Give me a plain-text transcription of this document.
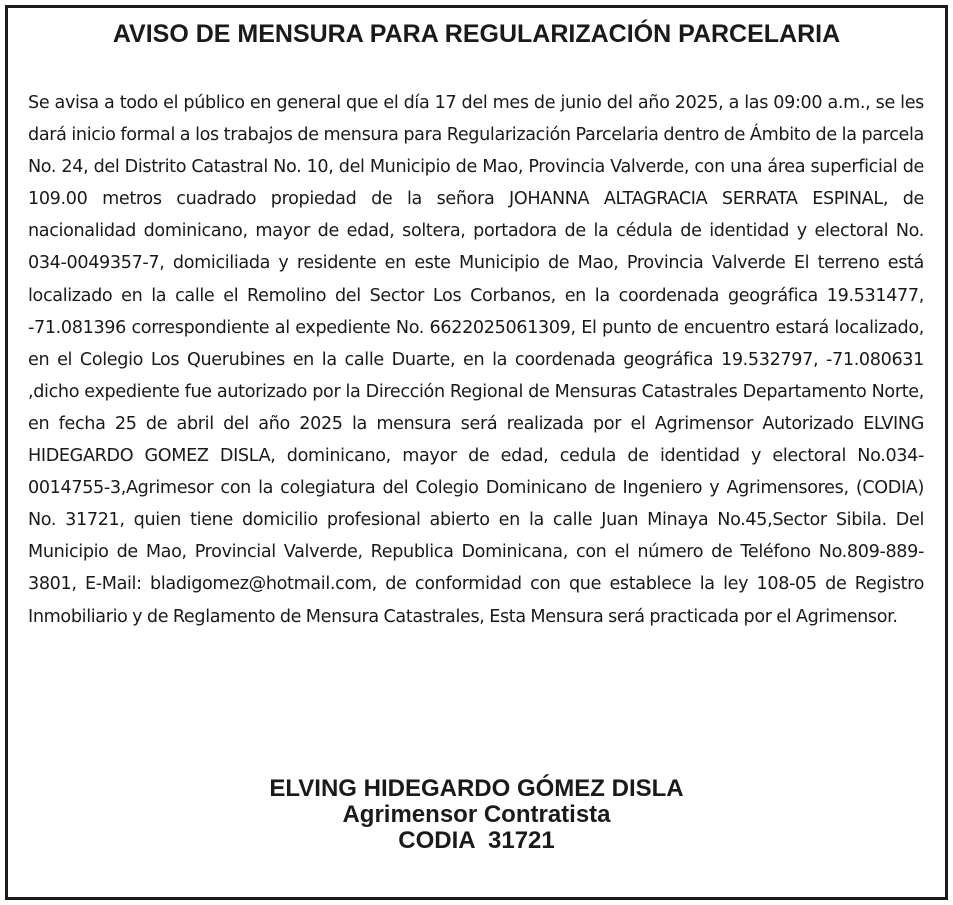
AVISO DE MENSURA PARA REGULARIZACIÓN PARCELARIA

Se avisa a todo el público en general que el día 17 del mes de junio del año 2025, a las 09:00 a.m., se les dará inicio formal a los trabajos de mensura para Regularización Parcelaria dentro de Ámbito de la parcela No. 24, del Distrito Catastral No. 10, del Municipio de Mao, Provincia Valverde, con una área superficial de 109.00 metros cuadrado propiedad de la señora JOHANNA ALTAGRACIA SERRATA ESPINAL, de nacionalidad dominicano, mayor de edad, soltera, portadora de la cédula de identidad y electoral No. 034-0049357-7, domiciliada y residente en este Municipio de Mao, Provincia Valverde El terreno está localizado en la calle el Remolino del Sector Los Corbanos, en la coordenada geográfica 19.531477, -71.081396 correspondiente al expediente No. 6622025061309, El punto de encuentro estará localizado, en el Colegio Los Querubines en la calle Duarte, en la coordenada geográfica 19.532797, -71.080631 ,dicho expediente fue autorizado por la Dirección Regional de Mensuras Catastrales Departamento Norte, en fecha 25 de abril del año 2025 la mensura será realizada por el Agrimensor Autorizado ELVING HIDEGARDO GOMEZ DISLA, dominicano, mayor de edad, cedula de identidad y electoral No.034-0014755-3,Agrimesor con la colegiatura del Colegio Dominicano de Ingeniero y Agrimensores, (CODIA) No. 31721, quien tiene domicilio profesional abierto en la calle Juan Minaya No.45,Sector Sibila. Del Municipio de Mao, Provincial Valverde, Republica Dominicana, con el número de Teléfono No.809-889-3801, E-Mail: bladigomez@hotmail.com, de conformidad con que establece la ley 108-05 de Registro Inmobiliario y de Reglamento de Mensura Catastrales, Esta Mensura será practicada por el Agrimensor.

ELVING HIDEGARDO GÓMEZ DISLA
Agrimensor Contratista
CODIA  31721
